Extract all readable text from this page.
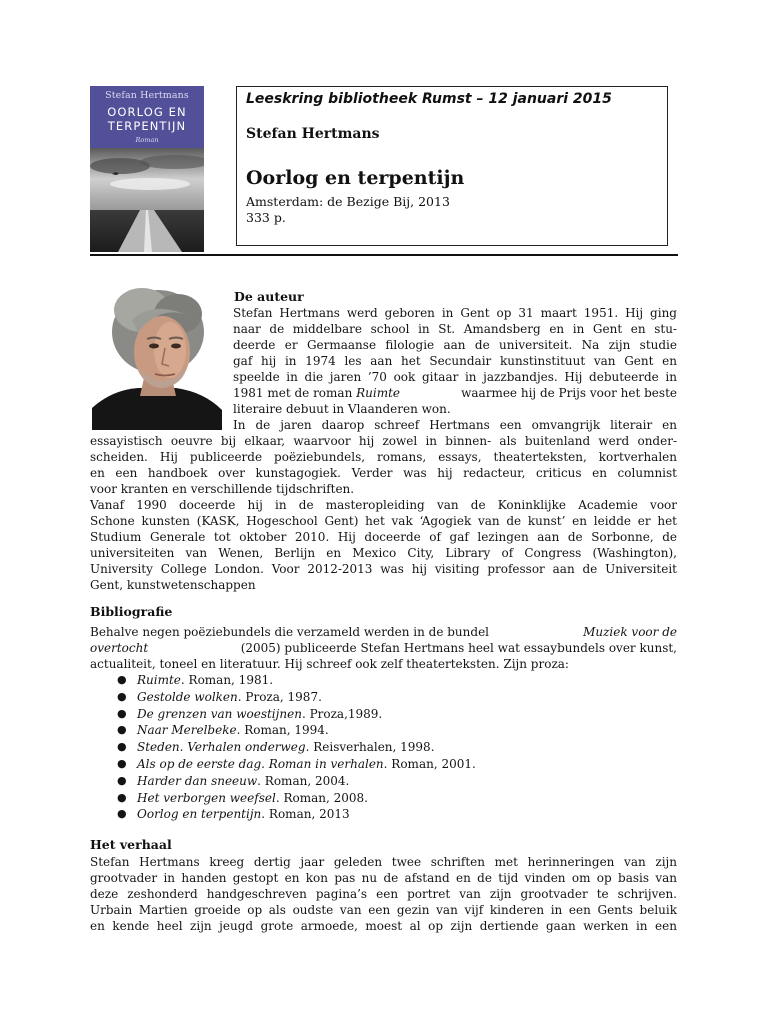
Stefan Hertmans
OORLOG EN
TERPENTIJN
Roman
Leeskring bibliotheek Rumst – 12 januari 2015
Stefan Hertmans
Oorlog en terpentijn
Amsterdam: de Bezige Bij, 2013
333 p.
De auteur
Stefan Hertmans werd geboren in Gent op 31 maart 1951. Hij ging
naar de middelbare school in St. Amandsberg en in Gent en stu-
deerde er Germaanse filologie aan de universiteit. Na zijn studie
gaf hij in 1974 les aan het Secundair kunstinstituut van Gent en
speelde in die jaren ’70 ook gitaar in jazzbandjes. Hij debuteerde in
1981 met de roman Ruimte	waarmee hij de Prijs voor het beste
literaire debuut in Vlaanderen won.
In de jaren daarop schreef Hertmans een omvangrijk literair en
essayistisch oeuvre bij elkaar, waarvoor hij zowel in binnen- als buitenland werd onder-
scheiden. Hij publiceerde poëziebundels, romans, essays, theaterteksten, kortverhalen
en een handboek over kunstagogiek. Verder was hij redacteur, criticus en columnist
voor kranten en verschillende tijdschriften.
Vanaf 1990 doceerde hij in de masteropleiding van de Koninklijke Academie voor
Schone kunsten (KASK, Hogeschool Gent) het vak ‘Agogiek van de kunst’ en leidde er het
Studium Generale tot oktober 2010. Hij doceerde of gaf lezingen aan de Sorbonne, de
universiteiten van Wenen, Berlijn en Mexico City, Library of Congress (Washington),
University College London. Voor 2012-2013 was hij visiting professor aan de Universiteit
Gent, kunstwetenschappen
Bibliografie
Behalve negen poëziebundels die verzameld werden in de bundel	Muziek voor de
overtocht	(2005) publiceerde Stefan Hertmans heel wat essaybundels over kunst,
actualiteit, toneel en literatuur. Hij schreef ook zelf theaterteksten. Zijn proza:
● Ruimte. Roman, 1981.
● Gestolde wolken. Proza, 1987.
● De grenzen van woestijnen. Proza,1989.
● Naar Merelbeke. Roman, 1994.
● Steden. Verhalen onderweg. Reisverhalen, 1998.
● Als op de eerste dag. Roman in verhalen. Roman, 2001.
● Harder dan sneeuw. Roman, 2004.
● Het verborgen weefsel. Roman, 2008.
● Oorlog en terpentijn. Roman, 2013
Het verhaal
Stefan Hertmans kreeg dertig jaar geleden twee schriften met herinneringen van zijn
grootvader in handen gestopt en kon pas nu de afstand en de tijd vinden om op basis van
deze zeshonderd handgeschreven pagina’s een portret van zijn grootvader te schrijven.
Urbain Martien groeide op als oudste van een gezin van vijf kinderen in een Gents beluik
en kende heel zijn jeugd grote armoede, moest al op zijn dertiende gaan werken in een
